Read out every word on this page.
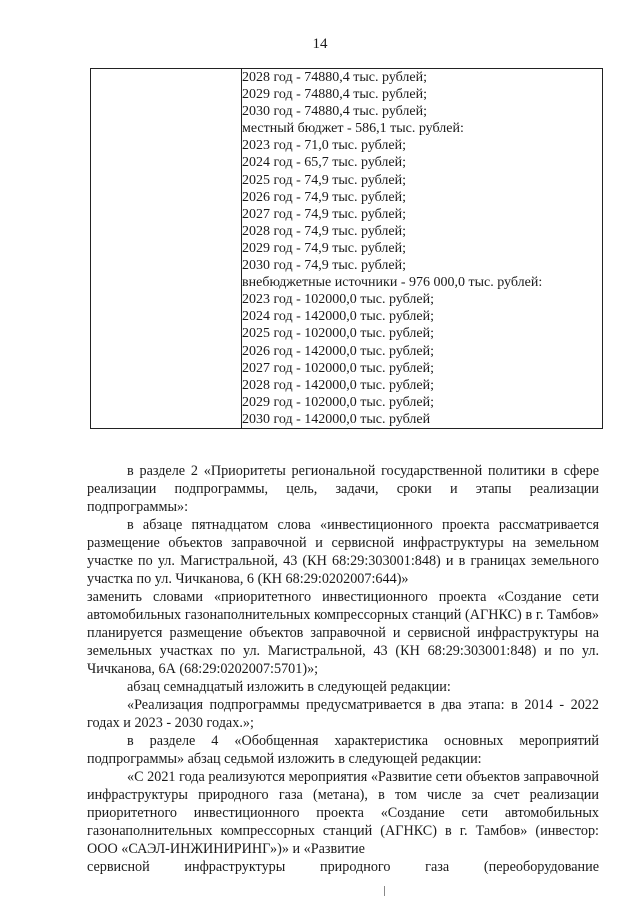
14

2028 год - 74880,4 тыс. рублей;
2029 год - 74880,4 тыс. рублей;
2030 год - 74880,4 тыс. рублей;
местный бюджет - 586,1 тыс. рублей:
2023 год - 71,0 тыс. рублей;
2024 год - 65,7 тыс. рублей;
2025 год - 74,9 тыс. рублей;
2026 год - 74,9 тыс. рублей;
2027 год - 74,9 тыс. рублей;
2028 год - 74,9 тыс. рублей;
2029 год - 74,9 тыс. рублей;
2030 год - 74,9 тыс. рублей;
внебюджетные источники - 976 000,0 тыс. рублей:
2023 год - 102000,0 тыс. рублей;
2024 год - 142000,0 тыс. рублей;
2025 год - 102000,0 тыс. рублей;
2026 год - 142000,0 тыс. рублей;
2027 год - 102000,0 тыс. рублей;
2028 год - 142000,0 тыс. рублей;
2029 год - 102000,0 тыс. рублей;
2030 год - 142000,0 тыс. рублей

в разделе 2 «Приоритеты региональной государственной политики в сфере реализации подпрограммы, цель, задачи, сроки и этапы реализации подпрограммы»:

в абзаце пятнадцатом слова «инвестиционного проекта рассматривается размещение объектов заправочной и сервисной инфраструктуры на земельном участке по ул. Магистральной, 43 (КН 68:29:303001:848) и в границах земельного участка по ул. Чичканова, 6 (КН 68:29:0202007:644)»

заменить словами «приоритетного инвестиционного проекта «Создание сети автомобильных газонаполнительных компрессорных станций (АГНКС) в г. Тамбов» планируется размещение объектов заправочной и сервисной инфраструктуры на земельных участках по ул. Магистральной, 43 (КН 68:29:303001:848) и по ул. Чичканова, 6А (68:29:0202007:5701)»;

абзац семнадцатый изложить в следующей редакции:

«Реализация подпрограммы предусматривается в два этапа: в 2014 - 2022 годах и 2023 - 2030 годах.»;

в разделе 4 «Обобщенная характеристика основных мероприятий подпрограммы» абзац седьмой изложить в следующей редакции:

«С 2021 года реализуются мероприятия «Развитие сети объектов заправочной инфраструктуры природного газа (метана), в том числе за счет реализации приоритетного инвестиционного проекта «Создание сети автомобильных газонаполнительных компрессорных станций (АГНКС) в г. Тамбов» (инвестор: ООО «САЭЛ-ИНЖИНИРИНГ»)» и «Развитие

сервисной инфраструктуры природного газа (переоборудование
